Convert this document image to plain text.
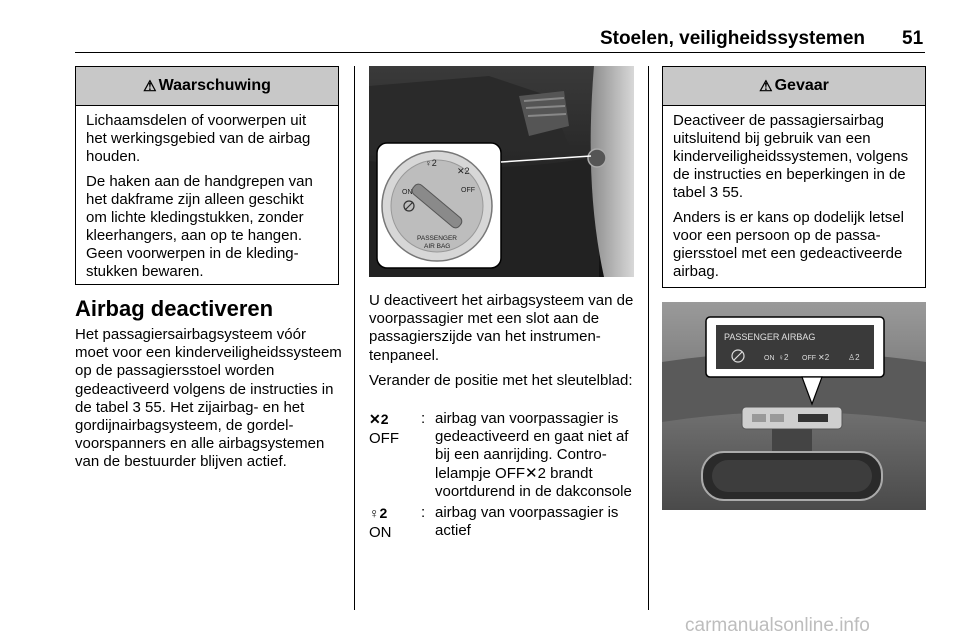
Stoelen, veiligheidssystemen 51
⚠ Waarschuwing

Lichaamsdelen of voorwerpen uit het werkingsgebied van de airbag houden.

De haken aan de handgrepen van het dakframe zijn alleen geschikt om lichte kledingstukken, zonder kleerhangers, aan op te hangen. Geen voorwerpen in de kledingstukken bewaren.

Airbag deactiveren

Het passagiersairbagsysteem vóór moet voor een kinderveiligheidssysteem op de passagiersstoel worden gedeactiveerd volgens de instructies in de tabel 3 55. Het zijairbag- en het gordijnairbagsysteem, de gordelvoorspanners en alle airbagsystemen van de bestuurder blijven actief.

♀2
✕2
ON	OFF
PASSENGER
AIR BAG

U deactiveert het airbagsysteem van de voorpassagier met een slot aan de passagierszijde van het instrumentenpaneel.

Verander de positie met het sleutelblad:

✕2
OFF
: airbag van voorpassagier is gedeactiveerd en gaat niet af bij een aanrijding. Controlelampje OFF✕2 brandt voortdurend in de dakconsole
♀2
ON
: airbag van voorpassagier is actief
⚠ Gevaar

Deactiveer de passagiersairbag uitsluitend bij gebruik van een kinderveiligheidssystemen, volgens de instructies en beperkingen in de tabel 3 55.

Anders is er kans op dodelijk letsel voor een persoon op de passagiersstoel met een gedeactiveerde airbag.

PASSENGER AIRBAG
ON ♀2 OFF ✕2 ♙2
carmanualsonline.info
